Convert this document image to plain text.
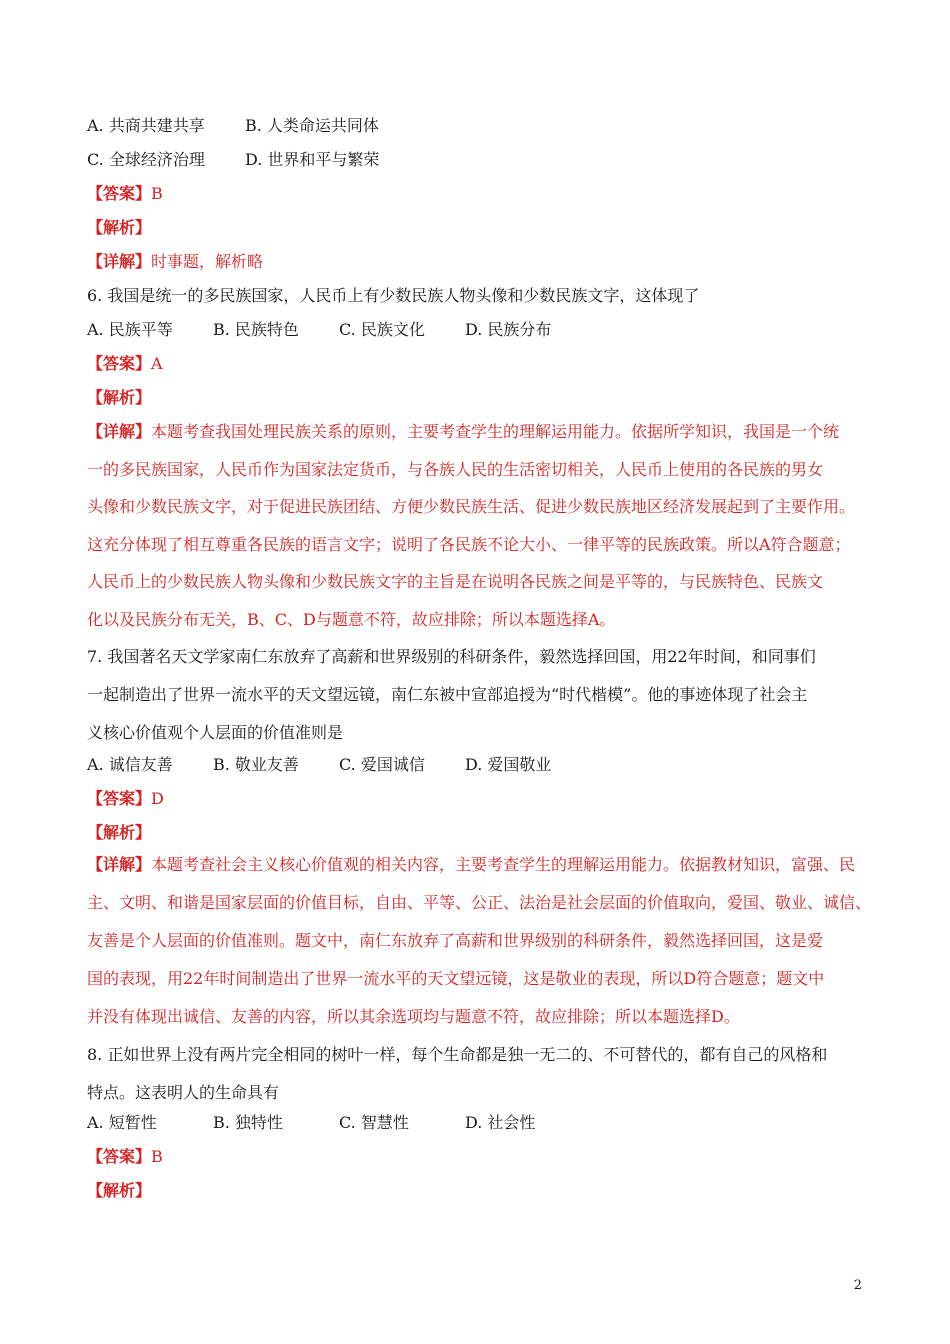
A. 共商共建共享	B. 人类命运共同体
C. 全球经济治理	D. 世界和平与繁荣
【答案】B
【解析】
【详解】时事题，解析略
6. 我国是统一的多民族国家，人民币上有少数民族人物头像和少数民族文字，这体现了
A. 民族平等	B. 民族特色	C. 民族文化	D. 民族分布
【答案】A
【解析】
【详解】本题考查我国处理民族关系的原则，主要考查学生的理解运用能力。依据所学知识，我国是一个统
一的多民族国家，人民币作为国家法定货币，与各族人民的生活密切相关，人民币上使用的各民族的男女
头像和少数民族文字，对于促进民族团结、方便少数民族生活、促进少数民族地区经济发展起到了主要作用。
这充分体现了相互尊重各民族的语言文字；说明了各民族不论大小、一律平等的民族政策。所以A符合题意；
人民币上的少数民族人物头像和少数民族文字的主旨是在说明各民族之间是平等的，与民族特色、民族文
化以及民族分布无关，B、C、D与题意不符，故应排除；所以本题选择A。
7. 我国著名天文学家南仁东放弃了高薪和世界级别的科研条件，毅然选择回国，用22年时间，和同事们
一起制造出了世界一流水平的天文望远镜，南仁东被中宣部追授为“时代楷模”。他的事迹体现了社会主
义核心价值观个人层面的价值准则是
A. 诚信友善	B. 敬业友善	C. 爱国诚信	D. 爱国敬业
【答案】D
【解析】
【详解】本题考查社会主义核心价值观的相关内容，主要考查学生的理解运用能力。依据教材知识，富强、民
主、文明、和谐是国家层面的价值目标，自由、平等、公正、法治是社会层面的价值取向，爱国、敬业、诚信、
友善是个人层面的价值准则。题文中，南仁东放弃了高薪和世界级别的科研条件，毅然选择回国，这是爱
国的表现，用22年时间制造出了世界一流水平的天文望远镜，这是敬业的表现，所以D符合题意；题文中
并没有体现出诚信、友善的内容，所以其余选项均与题意不符，故应排除；所以本题选择D。
8. 正如世界上没有两片完全相同的树叶一样，每个生命都是独一无二的、不可替代的，都有自己的风格和
特点。这表明人的生命具有
A. 短暂性	B. 独特性	C. 智慧性	D. 社会性
【答案】B
【解析】
2
